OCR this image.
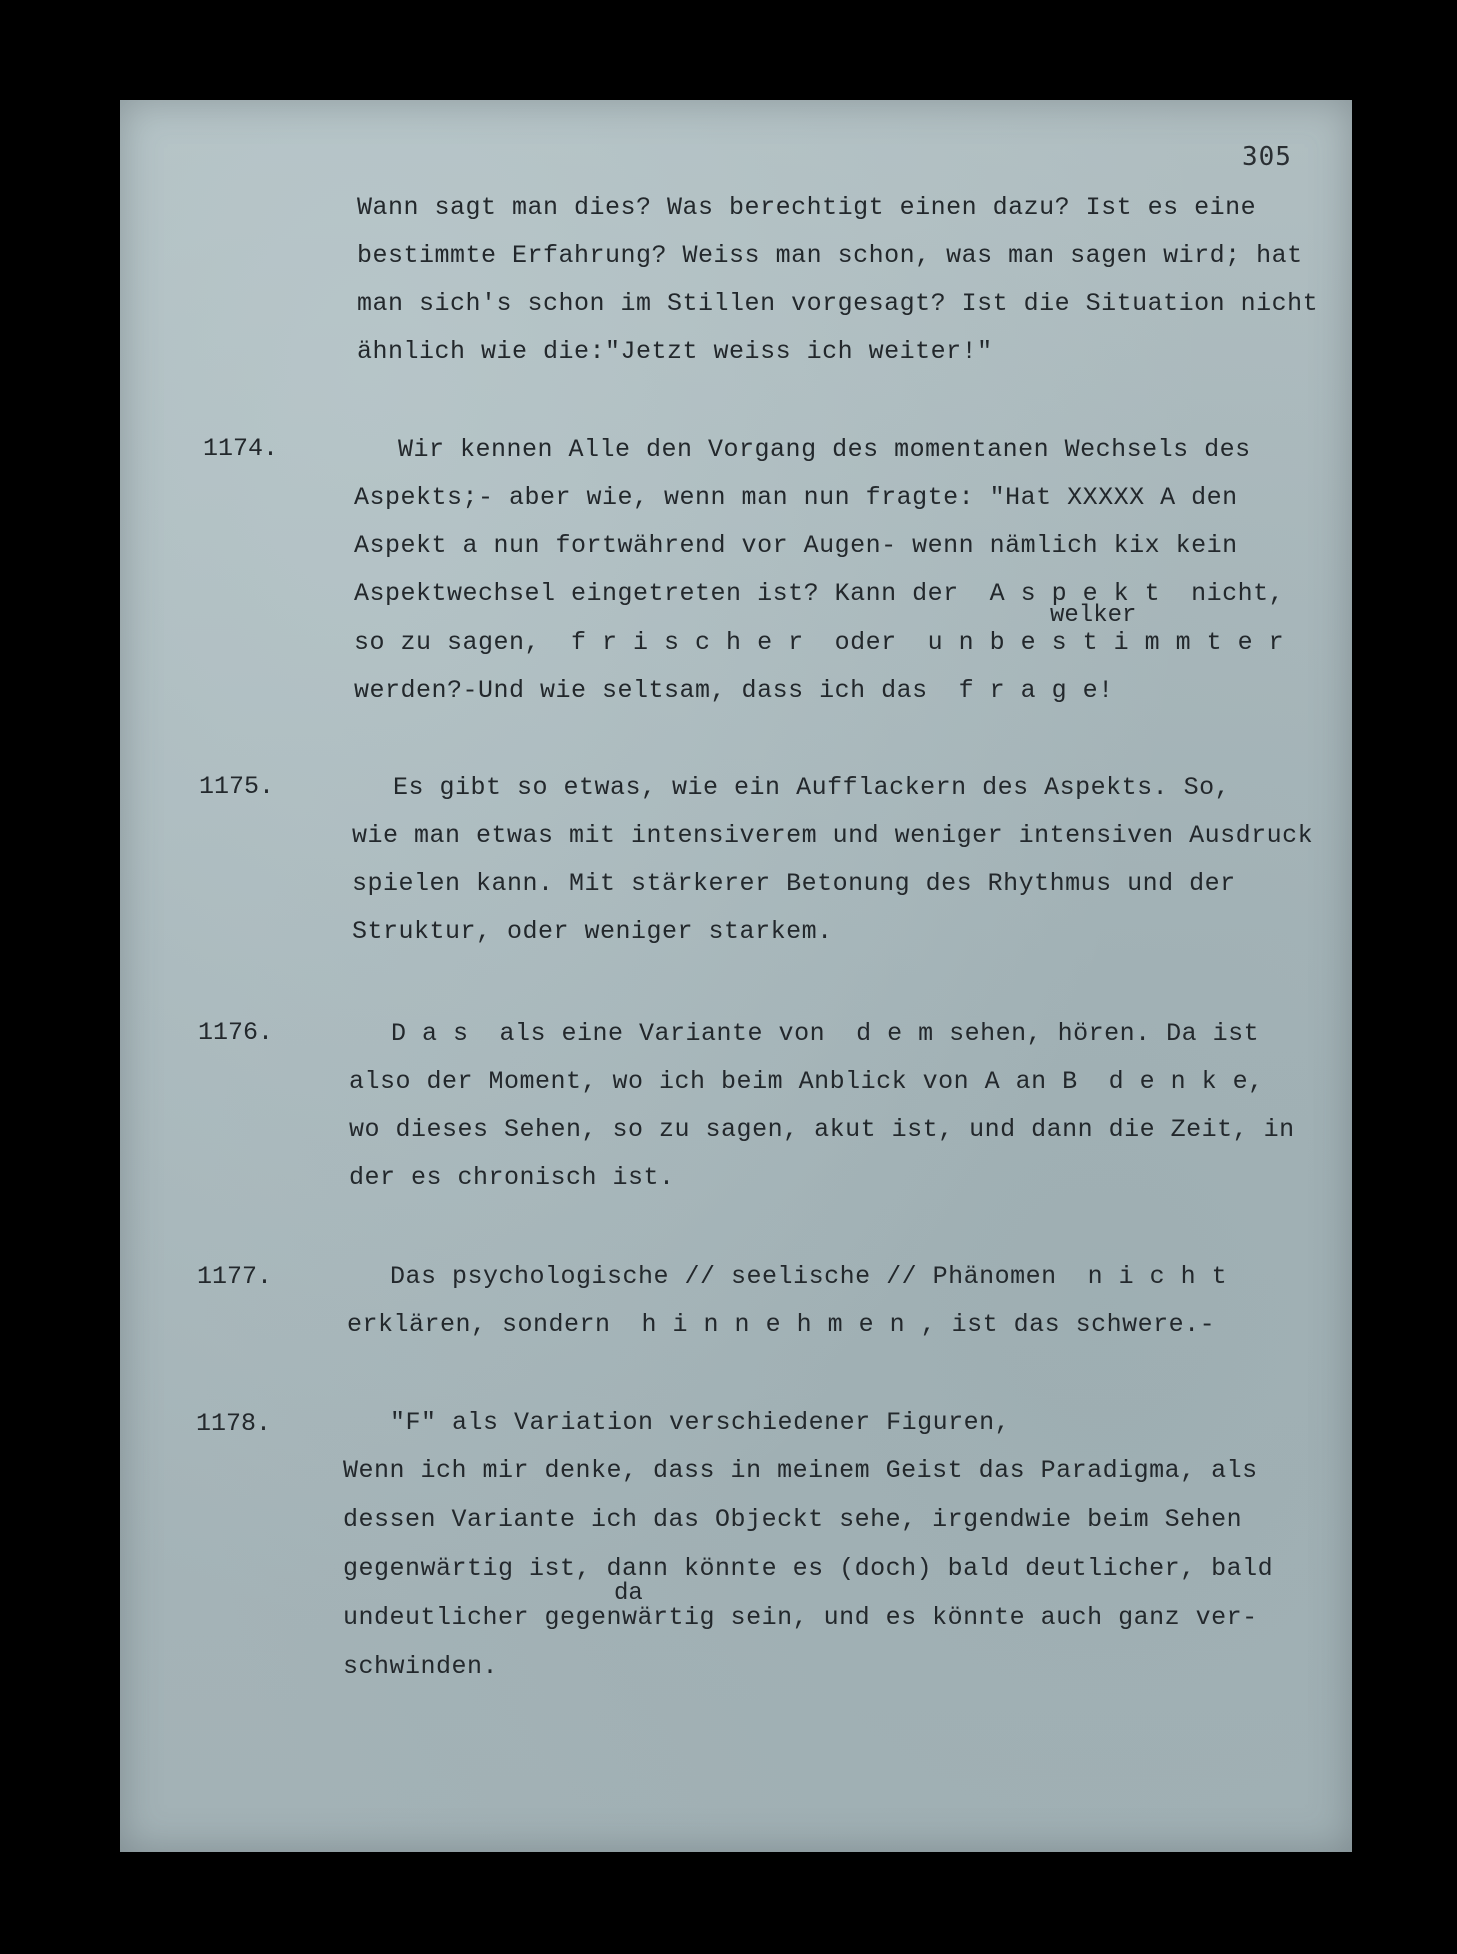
305
Wann sagt man dies? Was berechtigt einen dazu? Ist es eine
bestimmte Erfahrung? Weiss man schon, was man sagen wird; hat
man sich's schon im Stillen vorgesagt? Ist die Situation nicht
ähnlich wie die:"Jetzt weiss ich weiter!"
1174.	Wir kennen Alle den Vorgang des momentanen Wechsels des
Aspekts;- aber wie, wenn man nun fragte: "Hat XXXXX A den
Aspekt a nun fortwährend vor Augen- wenn nämlich kix kein
Aspektwechsel eingetreten ist? Kann der  A s p e k t  nicht,
welker
so zu sagen,  f r i s c h e r  oder  u n b e s t i m m t e r
werden?-Und wie seltsam, dass ich das  f r a g e!
1175.	Es gibt so etwas, wie ein Aufflackern des Aspekts. So,
wie man etwas mit intensiverem und weniger intensiven Ausdruck
spielen kann. Mit stärkerer Betonung des Rhythmus und der
Struktur, oder weniger starkem.
1176.	D a s  als eine Variante von  d e m sehen, hören. Da ist
also der Moment, wo ich beim Anblick von A an B  d e n k e,
wo dieses Sehen, so zu sagen, akut ist, und dann die Zeit, in
der es chronisch ist.
1177.	Das psychologische // seelische // Phänomen  n i c h t
erklären, sondern  h i n n e h m e n , ist das schwere.-
1178.	"F" als Variation verschiedener Figuren,
Wenn ich mir denke, dass in meinem Geist das Paradigma, als
dessen Variante ich das Objeckt sehe, irgendwie beim Sehen
gegenwärtig ist, dann könnte es (doch) bald deutlicher, bald
da
undeutlicher gegenwärtig sein, und es könnte auch ganz ver-
schwinden.
